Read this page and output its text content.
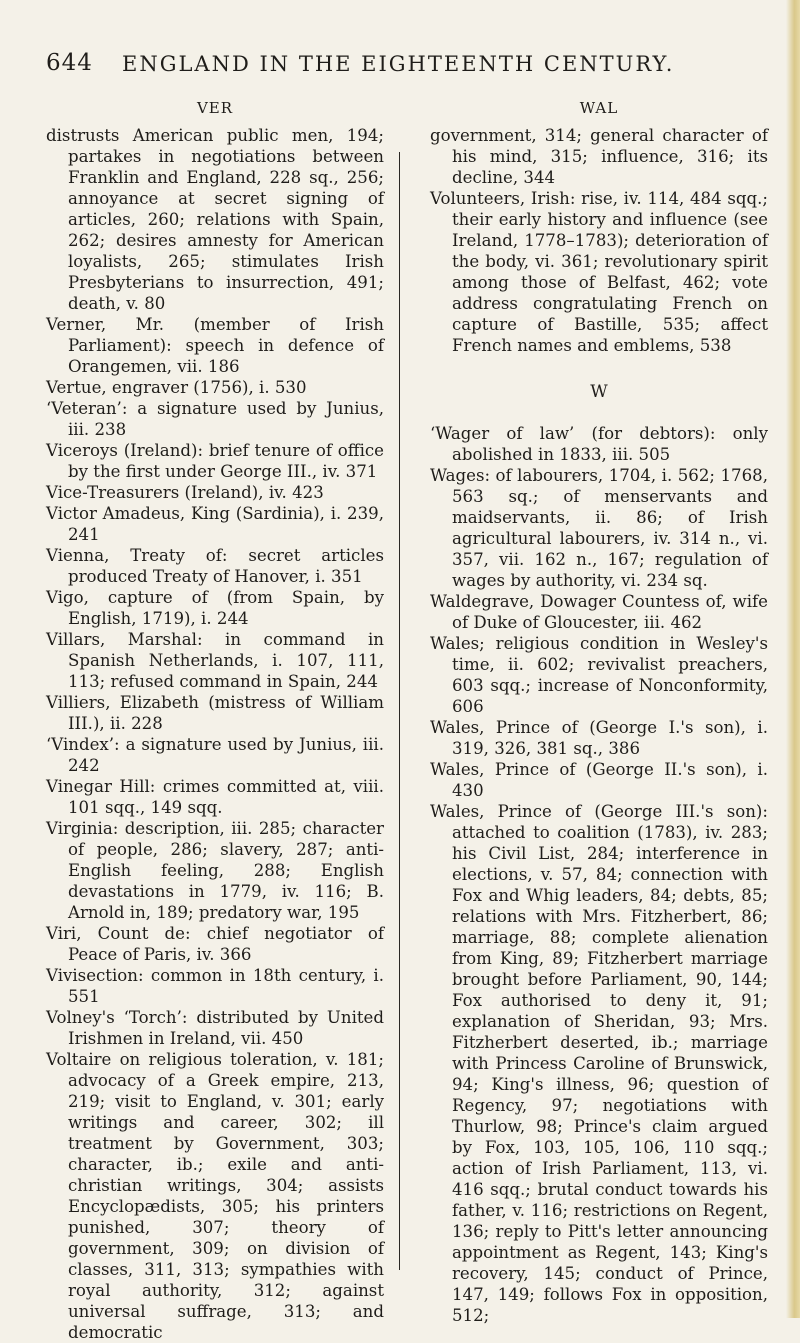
644 ENGLAND IN THE EIGHTEENTH CENTURY.
VER

distrusts American public men, 194; partakes in negotiations between Franklin and England, 228 sq., 256; annoyance at secret signing of articles, 260; relations with Spain, 262; desires amnesty for American loyalists, 265; stimulates Irish Presbyterians to insurrection, 491; death, v. 80

Verner, Mr. (member of Irish Parliament): speech in defence of Orangemen, vii. 186

Vertue, engraver (1756), i. 530

‘Veteran’: a signature used by Junius, iii. 238

Viceroys (Ireland): brief tenure of office by the first under George III., iv. 371

Vice-Treasurers (Ireland), iv. 423

Victor Amadeus, King (Sardinia), i. 239, 241

Vienna, Treaty of: secret articles produced Treaty of Hanover, i. 351

Vigo, capture of (from Spain, by English, 1719), i. 244

Villars, Marshal: in command in Spanish Netherlands, i. 107, 111, 113; refused command in Spain, 244

Villiers, Elizabeth (mistress of William III.), ii. 228

‘Vindex’: a signature used by Junius, iii. 242

Vinegar Hill: crimes committed at, viii. 101 sqq., 149 sqq.

Virginia: description, iii. 285; character of people, 286; slavery, 287; anti-English feeling, 288; English devastations in 1779, iv. 116; B. Arnold in, 189; predatory war, 195

Viri, Count de: chief negotiator of Peace of Paris, iv. 366

Vivisection: common in 18th century, i. 551

Volney's ‘Torch’: distributed by United Irishmen in Ireland, vii. 450

Voltaire on religious toleration, v. 181; advocacy of a Greek empire, 213, 219; visit to England, v. 301; early writings and career, 302; ill treatment by Government, 303; character, ib.; exile and anti-christian writings, 304; assists Encyclopædists, 305; his printers punished, 307; theory of government, 309; on division of classes, 311, 313; sympathies with royal authority, 312; against universal suffrage, 313; and democratic

WAL

government, 314; general character of his mind, 315; influence, 316; its decline, 344

Volunteers, Irish: rise, iv. 114, 484 sqq.; their early history and influence (see Ireland, 1778–1783); deterioration of the body, vi. 361; revolutionary spirit among those of Belfast, 462; vote address congratulating French on capture of Bastille, 535; affect French names and emblems, 538

W

‘Wager of law’ (for debtors): only abolished in 1833, iii. 505

Wages: of labourers, 1704, i. 562; 1768, 563 sq.; of menservants and maidservants, ii. 86; of Irish agricultural labourers, iv. 314 n., vi. 357, vii. 162 n., 167; regulation of wages by authority, vi. 234 sq.

Waldegrave, Dowager Countess of, wife of Duke of Gloucester, iii. 462

Wales; religious condition in Wesley's time, ii. 602; revivalist preachers, 603 sqq.; increase of Nonconformity, 606

Wales, Prince of (George I.'s son), i. 319, 326, 381 sq., 386

Wales, Prince of (George II.'s son), i. 430

Wales, Prince of (George III.'s son): attached to coalition (1783), iv. 283; his Civil List, 284; interference in elections, v. 57, 84; connection with Fox and Whig leaders, 84; debts, 85; relations with Mrs. Fitzherbert, 86; marriage, 88; complete alienation from King, 89; Fitzherbert marriage brought before Parliament, 90, 144; Fox authorised to deny it, 91; explanation of Sheridan, 93; Mrs. Fitzherbert deserted, ib.; marriage with Princess Caroline of Brunswick, 94; King's illness, 96; question of Regency, 97; negotiations with Thurlow, 98; Prince's claim argued by Fox, 103, 105, 106, 110 sqq.; action of Irish Parliament, 113, vi. 416 sqq.; brutal conduct towards his father, v. 116; restrictions on Regent, 136; reply to Pitt's letter announcing appointment as Regent, 143; King's recovery, 145; conduct of Prince, 147, 149; follows Fox in opposition, 512;
